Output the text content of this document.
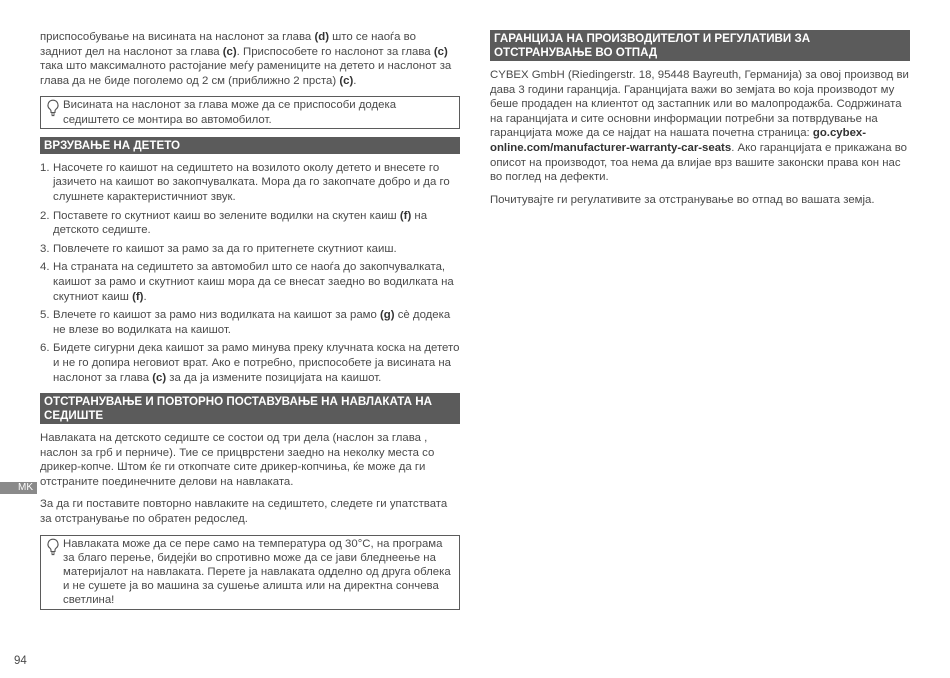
приспособување на висината на наслонот за глава (d) што се наоѓа во задниот дел на наслонот за глава (c). Приспособете го наслонот за глава (c) така што максималното растојание меѓу рамениците на детето и наслонот за глава да не биде поголемо од 2 см (приближно 2 прста) (c).

Висината на наслонот за глава може да се приспособи додека седиштето се монтира во автомобилот.
ВРЗУВАЊЕ НА ДЕТЕТО
1. Насочете го каишот на седиштето на возилото околу детето и внесете го јазичето на каишот во закопчувалката. Мора да го закопчате добро и да го слушнете карактеристичниот звук.
2. Поставете го скутниот каиш во зелените водилки на скутен каиш (f) на детското седиште.
3. Повлечете го каишот за рамо за да го притегнете скутниот каиш.
4. На страната на седиштето за автомобил што се наоѓа до закопчувалката, каишот за рамо и скутниот каиш мора да се внесат заедно во водилката на скутниот каиш (f).
5. Влечете го каишот за рамо низ водилката на каишот за рамо (g) сè додека не влезе во водилката на каишот.
6. Бидете сигурни дека каишот за рамо минува преку клучната коска на детето и не го допира неговиот врат. Ако е потребно, приспособете ја висината на наслонот за глава (c) за да ја измените позицијата на каишот.
ОТСТРАНУВАЊЕ И ПОВТОРНО ПОСТАВУВАЊЕ НА НАВЛАКАТА НА СЕДИШТЕ

Навлаката на детското седиште се состои од три дела (наслон за глава , наслон за грб и перниче). Тие се прицврстени заедно на неколку места со дрикер-копче. Штом ќе ги откопчате сите дрикер-копчиња, ќе може да ги отстраните поединечните делови на навлаката.

За да ги поставите повторно навлаките на седиштето, следете ги упатствата за отстранување по обратен редослед.

Навлаката може да се пере само на температура од 30°С, на програма за благо перење, бидејќи во спротивно може да се јави бледнеење на материјалот на навлаката. Перете ја навлаката одделно од друга облека и не сушете ја во машина за сушење алишта или на директна сончева светлина!
ГАРАНЦИЈА НА ПРОИЗВОДИТЕЛОТ И РЕГУЛАТИВИ ЗА ОТСТРАНУВАЊЕ ВО ОТПАД

CYBEX GmbH (Riedingerstr. 18, 95448 Bayreuth, Германија) за овој производ ви дава 3 години гаранција. Гаранцијата важи во земјата во која производот му беше продаден на клиентот од застапник или во малопродажба. Содржината на гаранцијата и сите основни информации потребни за потврдување на гаранцијата може да се најдат на нашата почетна страница: go.cybex-online.com/manufacturer-warranty-car-seats. Ако гаранцијата е прикажана во описот на производот, тоа нема да влијае врз вашите законски права кон нас во поглед на дефекти.

Почитувајте ги регулативите за отстранување во отпад во вашата земја.

MK
94
